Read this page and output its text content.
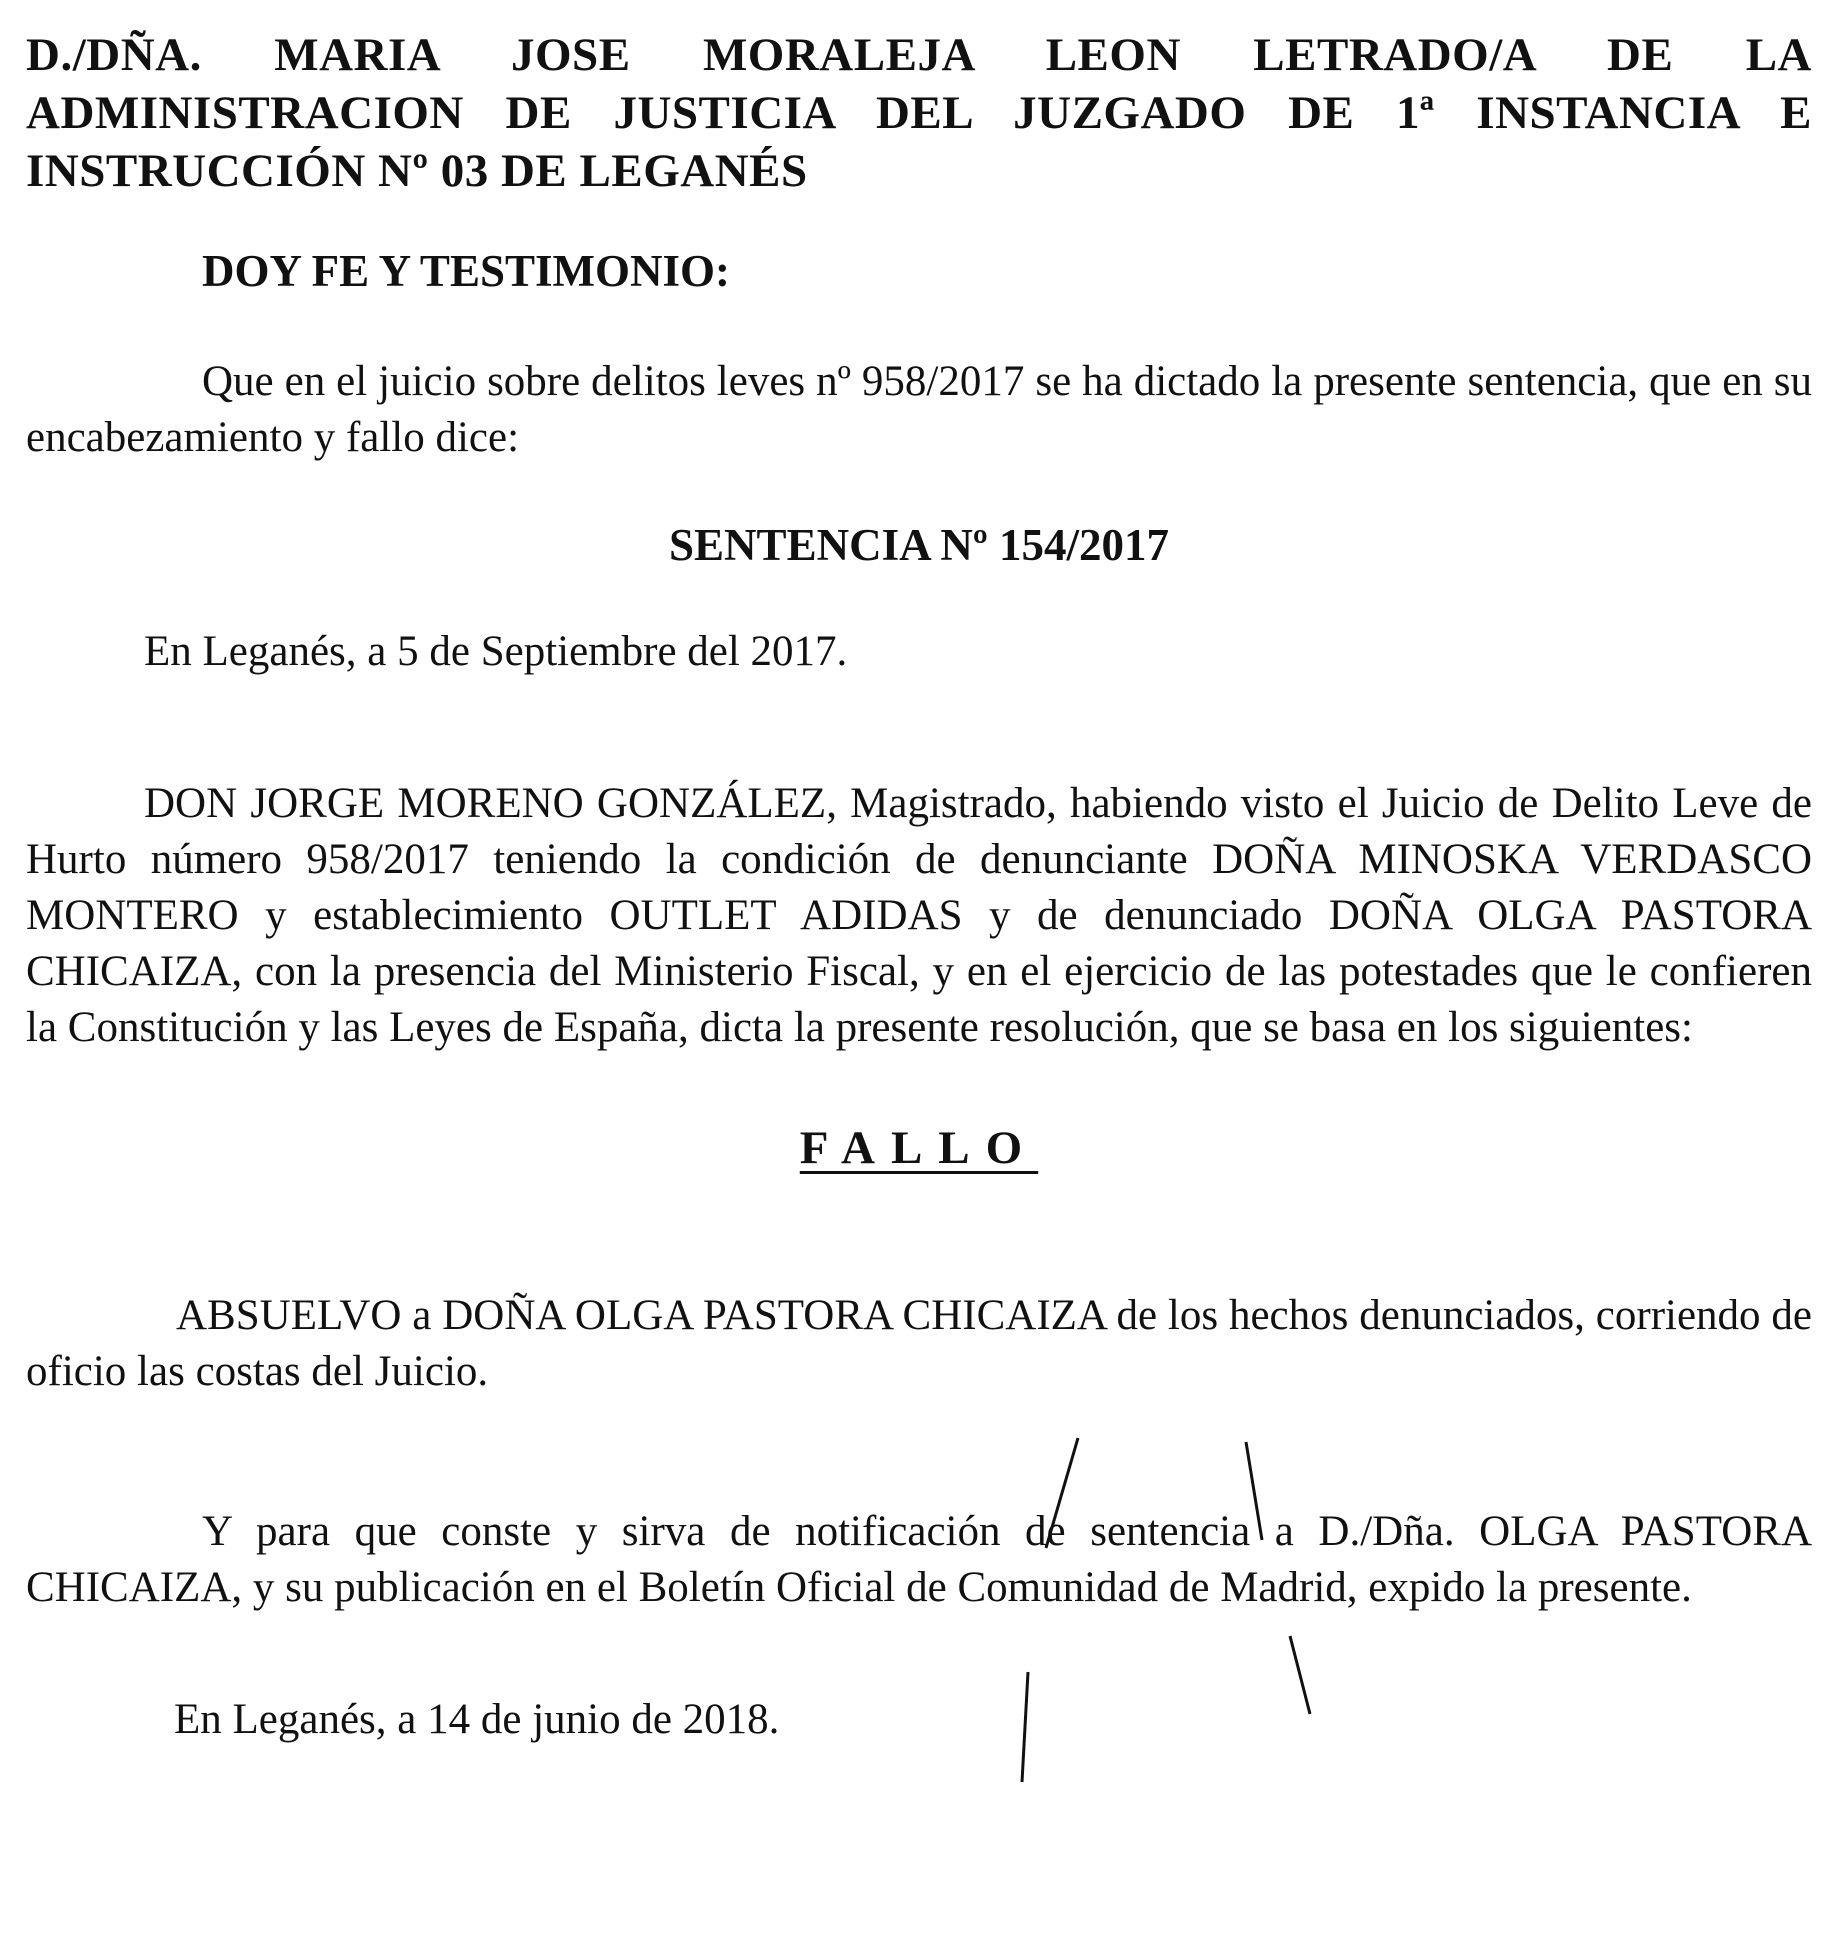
D./DÑA. MARIA JOSE MORALEJA LEON LETRADO/A DE LA ADMINISTRACION DE JUSTICIA DEL JUZGADO DE 1ª INSTANCIA E INSTRUCCIÓN Nº 03 DE LEGANÉS
DOY FE Y TESTIMONIO:

Que en el juicio sobre delitos leves nº 958/2017 se ha dictado la presente sentencia, que en su encabezamiento y fallo dice:

SENTENCIA Nº 154/2017
En Leganés, a 5 de Septiembre del 2017.

DON JORGE MORENO GONZÁLEZ, Magistrado, habiendo visto el Juicio de Delito Leve de Hurto número 958/2017 teniendo la condición de denunciante DOÑA MINOSKA VERDASCO MONTERO y establecimiento OUTLET ADIDAS y de denunciado DOÑA OLGA PASTORA CHICAIZA, con la presencia del Ministerio Fiscal, y en el ejercicio de las potestades que le confieren la Constitución y las Leyes de España, dicta la presente resolución, que se basa en los siguientes:

FALLO

ABSUELVO a DOÑA OLGA PASTORA CHICAIZA de los hechos denunciados, corriendo de oficio las costas del Juicio.

Y para que conste y sirva de notificación de sentencia a D./Dña. OLGA PASTORA CHICAIZA, y su publicación en el Boletín Oficial de Comunidad de Madrid, expido la presente.

En Leganés, a 14 de junio de 2018.
